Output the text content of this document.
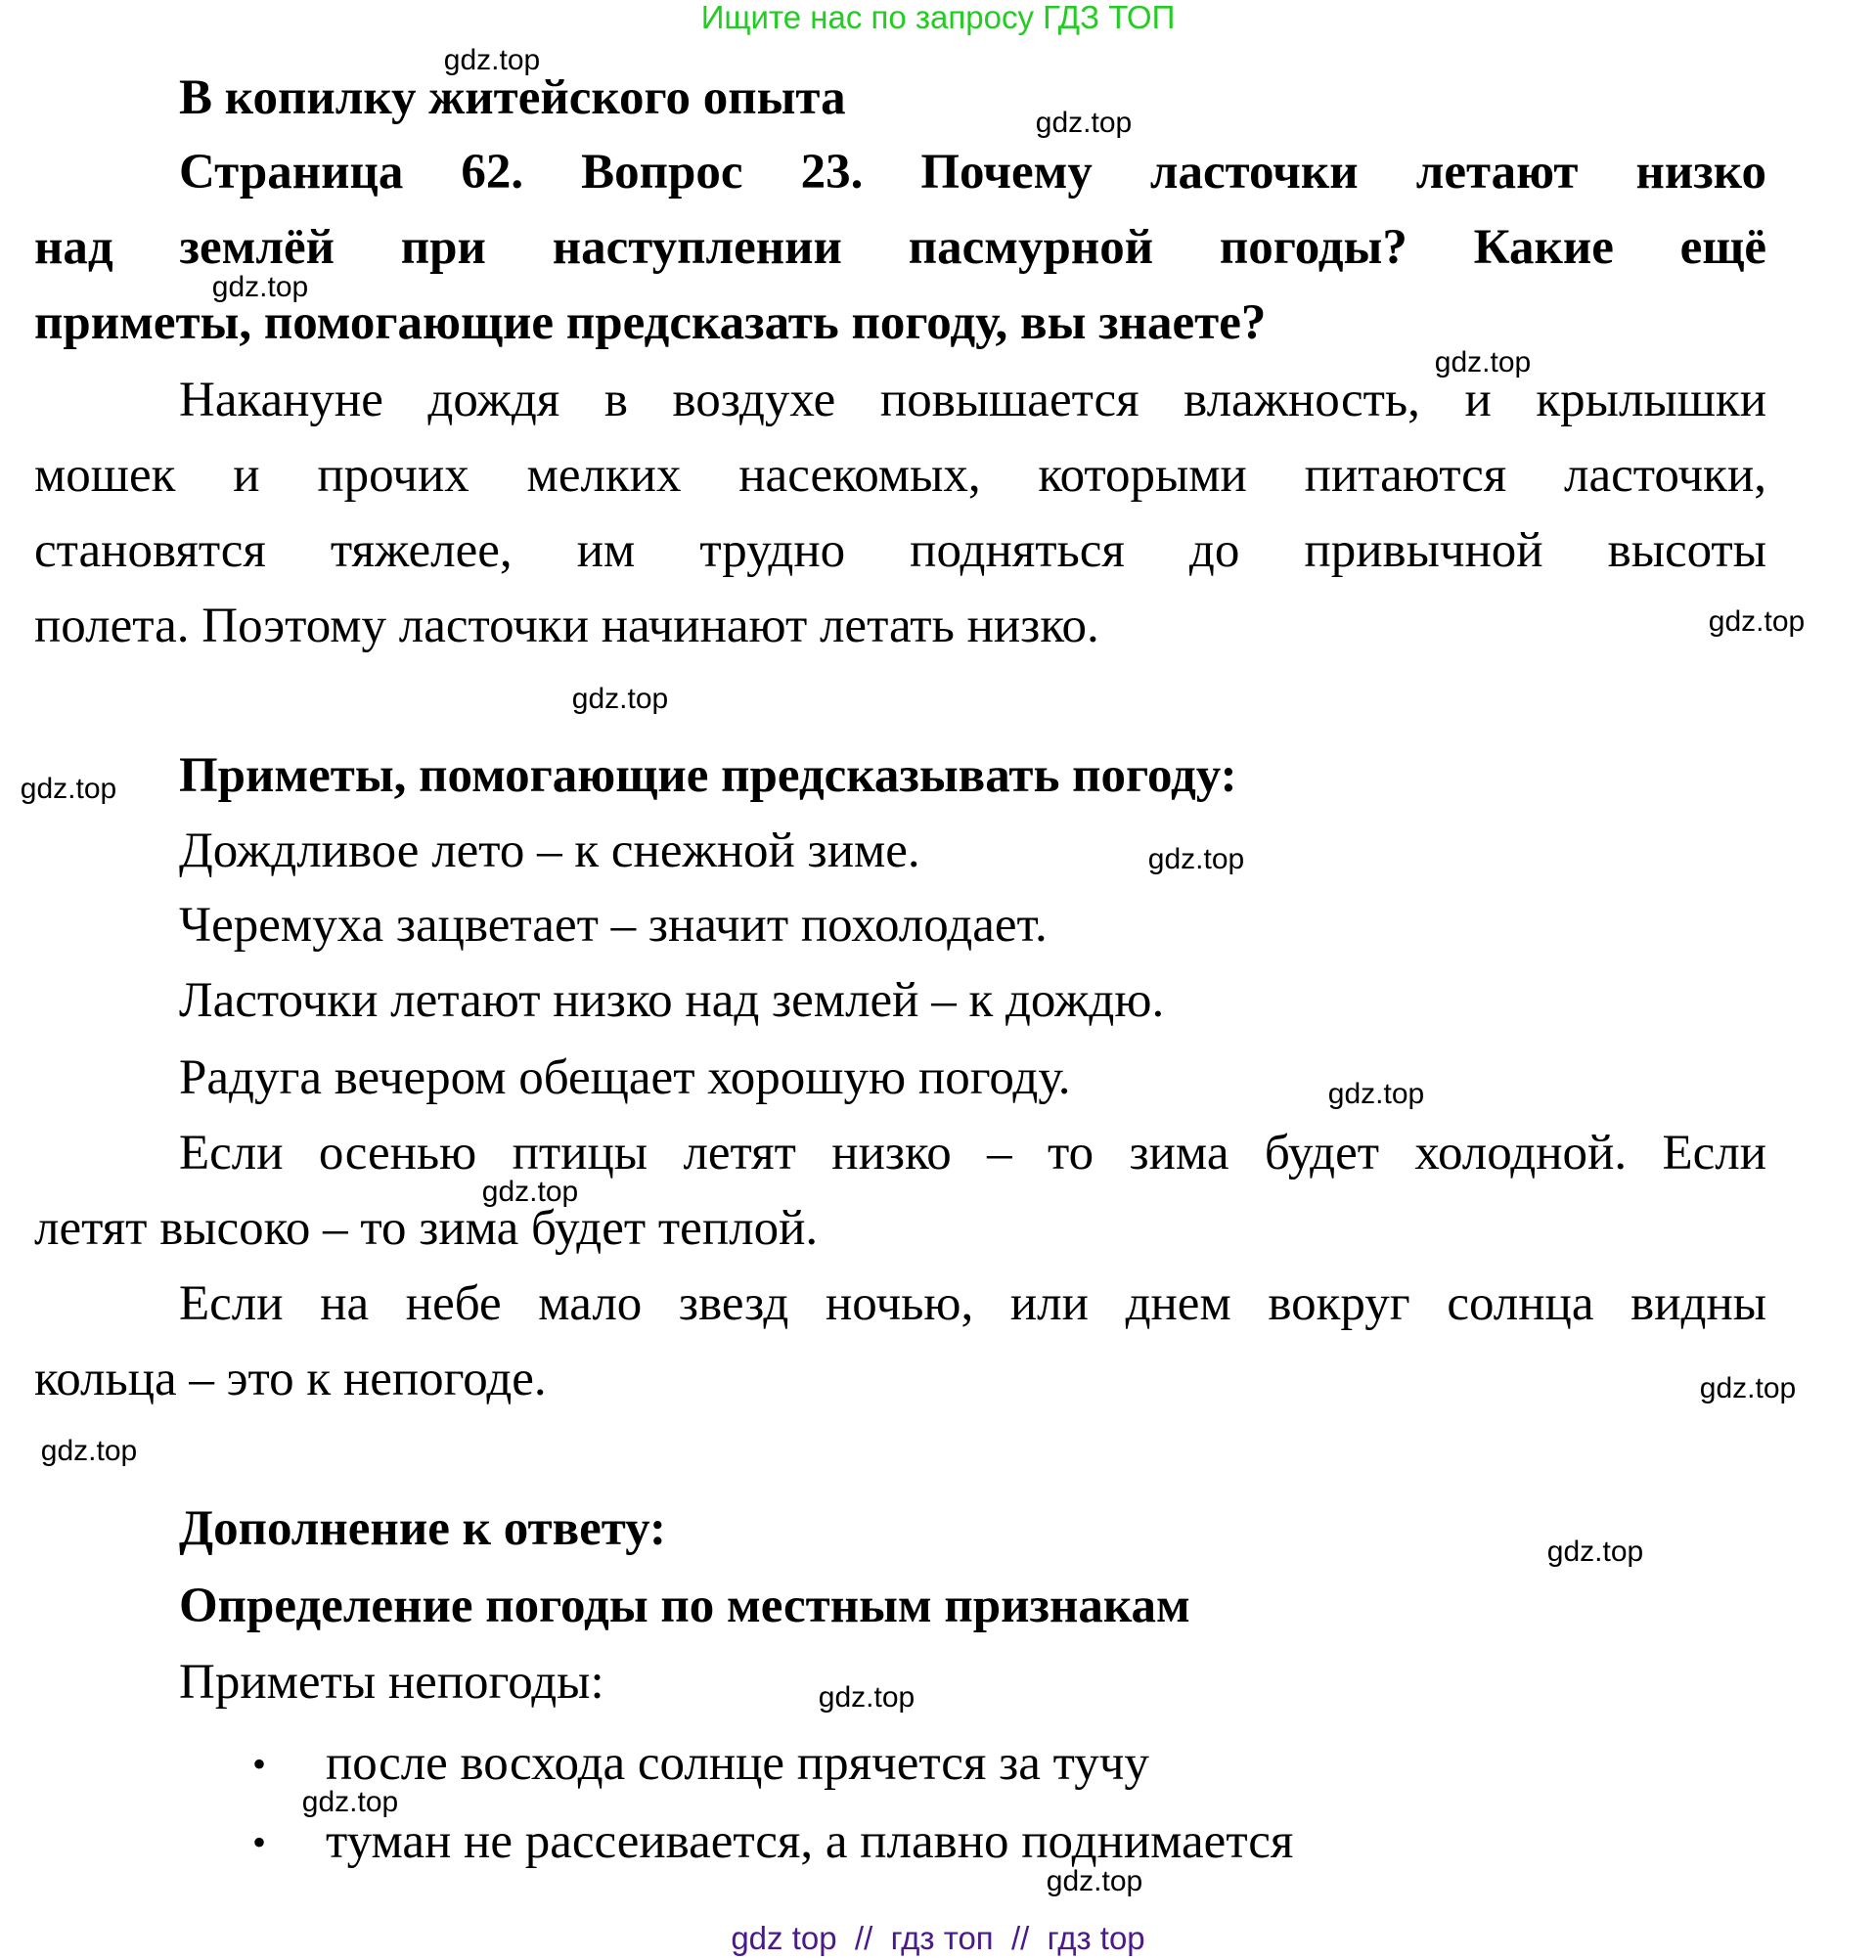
Ищите нас по запросу ГДЗ ТОП
В копилку житейского опыта
Страница 62. Вопрос 23. Почему ласточки летают низко
над землёй при наступлении пасмурной погоды? Какие ещё
приметы, помогающие предсказать погоду, вы знаете?
Накануне дождя в воздухе повышается влажность, и крылышки
мошек и прочих мелких насекомых, которыми питаются ласточки,
становятся тяжелее, им трудно подняться до привычной высоты
полета. Поэтому ласточки начинают летать низко.
Приметы, помогающие предсказывать погоду:
Дождливое лето – к снежной зиме.
Черемуха зацветает – значит похолодает.
Ласточки летают низко над землей – к дождю.
Радуга вечером обещает хорошую погоду.
Если осенью птицы летят низко – то зима будет холодной. Если
летят высоко – то зима будет теплой.
Если на небе мало звезд ночью, или днем вокруг солнца видны
кольца – это к непогоде.
Дополнение к ответу:
Определение погоды по местным признакам
Приметы непогоды:
• после восхода солнце прячется за тучу
• туман не рассеивается, а плавно поднимается
gdz.top
gdz.top
gdz.top
gdz.top
gdz.top
gdz.top
gdz.top
gdz.top
gdz.top
gdz.top
gdz.top
gdz.top
gdz.top
gdz.top
gdz.top
gdz.top
gdz top  //  гдз топ  //  гдз top
